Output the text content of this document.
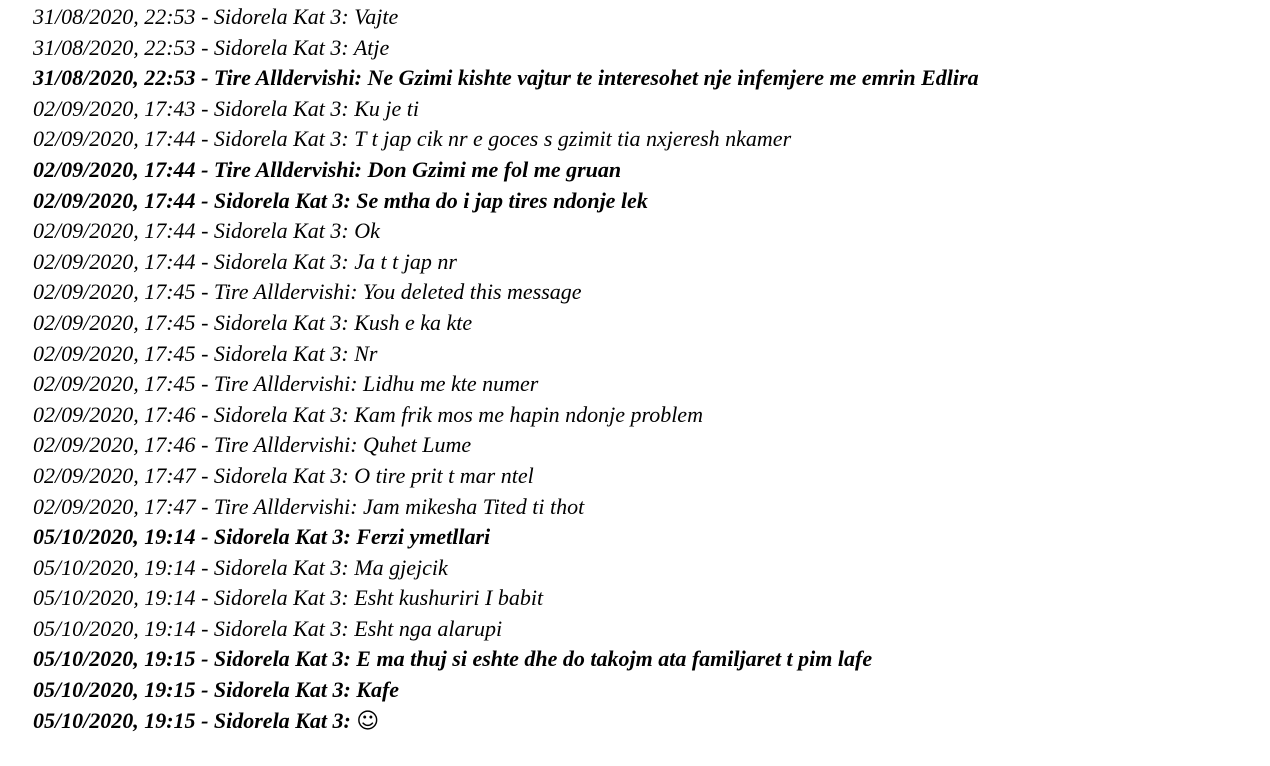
31/08/2020, 22:53 - Sidorela Kat 3: Vajte
31/08/2020, 22:53 - Sidorela Kat 3: Atje
31/08/2020, 22:53 - Tire Alldervishi: Ne Gzimi kishte vajtur te interesohet nje infemjere me emrin Edlira
02/09/2020, 17:43 - Sidorela Kat 3: Ku je ti
02/09/2020, 17:44 - Sidorela Kat 3: T t jap cik nr e goces s gzimit tia nxjeresh nkamer
02/09/2020, 17:44 - Tire Alldervishi: Don Gzimi me fol me gruan
02/09/2020, 17:44 - Sidorela Kat 3: Se mtha do i jap tires ndonje lek
02/09/2020, 17:44 - Sidorela Kat 3: Ok
02/09/2020, 17:44 - Sidorela Kat 3: Ja t t jap nr
02/09/2020, 17:45 - Tire Alldervishi: You deleted this message
02/09/2020, 17:45 - Sidorela Kat 3: Kush e ka kte
02/09/2020, 17:45 - Sidorela Kat 3: Nr
02/09/2020, 17:45 - Tire Alldervishi: Lidhu me kte numer
02/09/2020, 17:46 - Sidorela Kat 3: Kam frik mos me hapin ndonje problem
02/09/2020, 17:46 - Tire Alldervishi: Quhet Lume
02/09/2020, 17:47 - Sidorela Kat 3: O tire prit t mar ntel
02/09/2020, 17:47 - Tire Alldervishi: Jam mikesha Tited ti thot
05/10/2020, 19:14 - Sidorela Kat 3: Ferzi ymetllari
05/10/2020, 19:14 - Sidorela Kat 3: Ma gjejcik
05/10/2020, 19:14 - Sidorela Kat 3: Esht kushuriri I babit
05/10/2020, 19:14 - Sidorela Kat 3: Esht nga alarupi
05/10/2020, 19:15 - Sidorela Kat 3: E ma thuj si eshte dhe do takojm ata familjaret t pim lafe
05/10/2020, 19:15 - Sidorela Kat 3: Kafe
05/10/2020, 19:15 - Sidorela Kat 3: ☺
